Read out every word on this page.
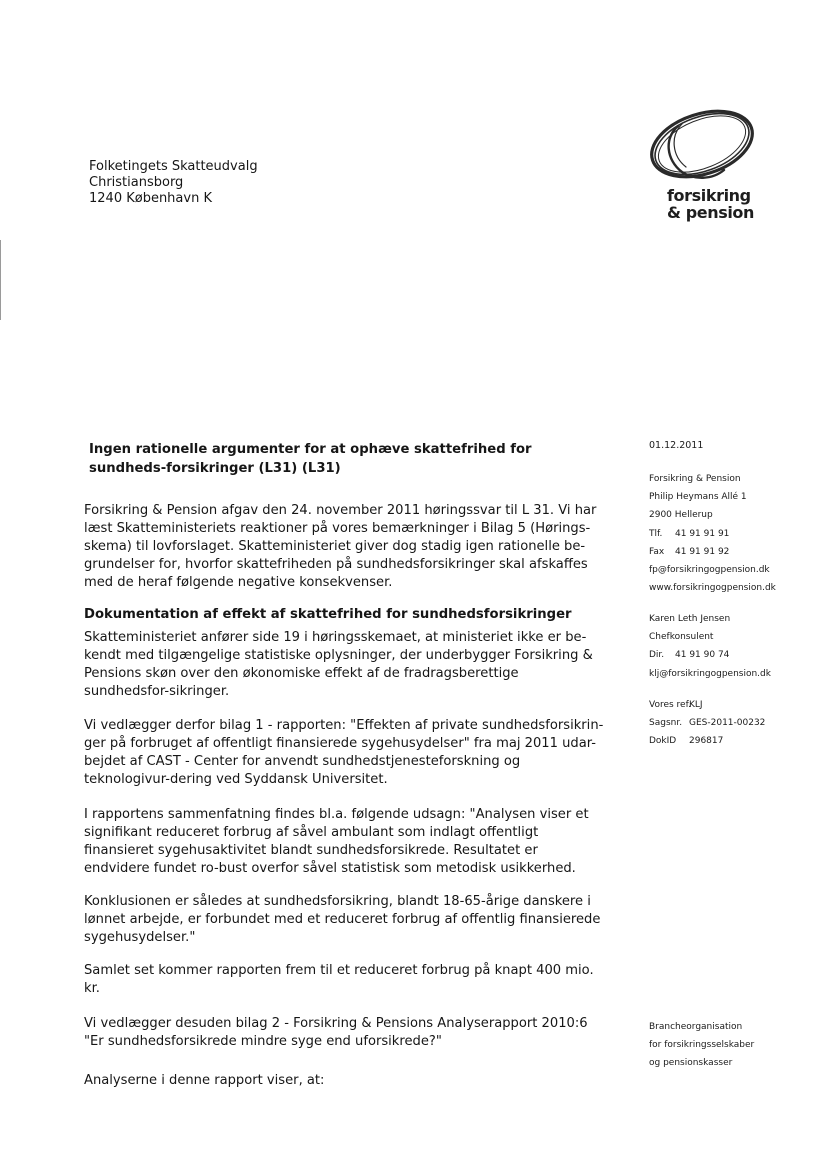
Folketingets Skatteudvalg
Christiansborg
1240 København K	forsikring
& pension
Ingen rationelle argumenter for at ophæve skattefrihed for sundheds-forsikringer (L31) (L31)

Forsikring & Pension afgav den 24. november 2011 høringssvar til L 31. Vi har læst Skatteministeriets reaktioner på vores bemærkninger i Bilag 5 (Hørings-skema) til lovforslaget. Skatteministeriet giver dog stadig igen rationelle be-grundelser for, hvorfor skattefriheden på sundhedsforsikringer skal afskaffes med de heraf følgende negative konsekvenser.

Dokumentation af effekt af skattefrihed for sundhedsforsikringer

Skatteministeriet anfører side 19 i høringsskemaet, at ministeriet ikke er be-kendt med tilgængelige statistiske oplysninger, der underbygger Forsikring & Pensions skøn over den økonomiske effekt af de fradragsberettige sundhedsfor-sikringer.

Vi vedlægger derfor bilag 1 - rapporten: "Effekten af private sundhedsforsikrin-ger på forbruget af offentligt finansierede sygehusydelser" fra maj 2011 udar-bejdet af CAST - Center for anvendt sundhedstjenesteforskning og teknologivur-dering ved Syddansk Universitet.

I rapportens sammenfatning findes bl.a. følgende udsagn: "Analysen viser et signifikant reduceret forbrug af såvel ambulant som indlagt offentligt finansieret sygehusaktivitet blandt sundhedsforsikrede. Resultatet er endvidere fundet ro-bust overfor såvel statistisk som metodisk usikkerhed.

Konklusionen er således at sundhedsforsikring, blandt 18-65-årige danskere i lønnet arbejde, er forbundet med et reduceret forbrug af offentlig finansierede sygehusydelser."

Samlet set kommer rapporten frem til et reduceret forbrug på knapt 400 mio. kr.

Vi vedlægger desuden bilag 2 - Forsikring & Pensions Analyserapport 2010:6 "Er sundhedsforsikrede mindre syge end uforsikrede?"

Analyserne i denne rapport viser, at:

01.12.2011
Forsikring & Pension
Philip Heymans Allé 1
2900 Hellerup
Tlf. 41 91 91 91
Fax 41 91 91 92
fp@forsikringogpension.dk
www.forsikringogpension.dk
Karen Leth Jensen
Chefkonsulent
Dir. 41 91 90 74
klj@forsikringogpension.dk
Vores ref.KLJ
Sagsnr. GES-2011-00232
DokID 296817
Brancheorganisation
for forsikringsselskaber
og pensionskasser
